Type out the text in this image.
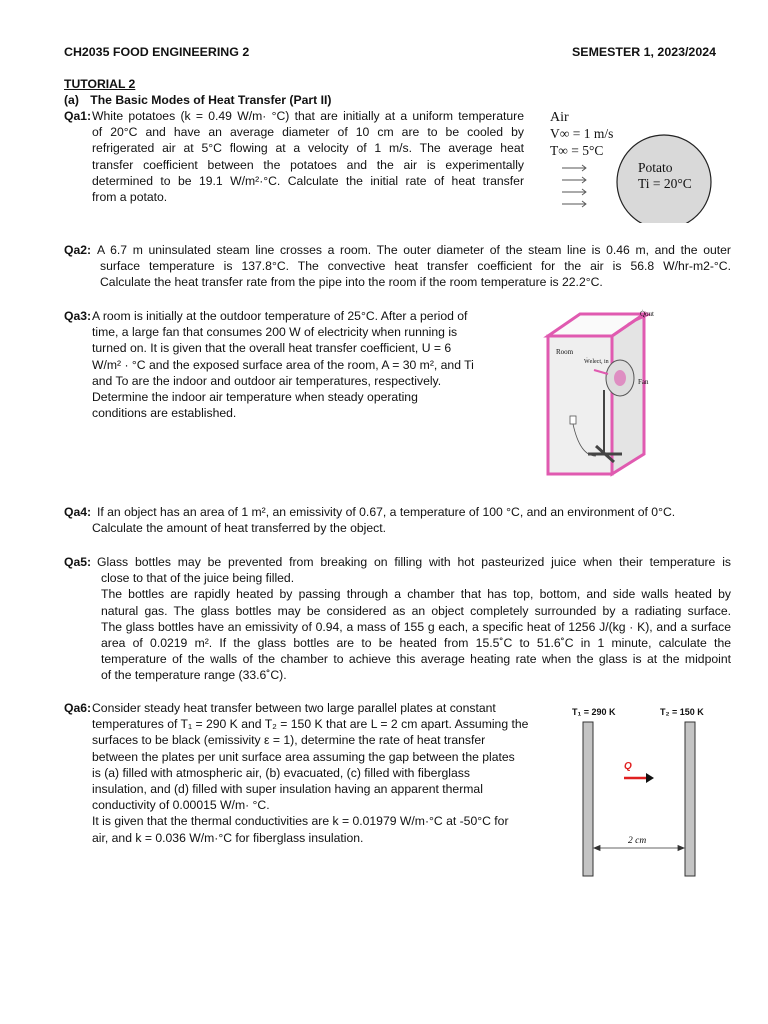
CH2035 FOOD ENGINEERING 2	SEMESTER 1, 2023/2024
TUTORIAL 2
(a) The Basic Modes of Heat Transfer (Part II)
Qa1: White potatoes (k = 0.49 W/m· °C) that are initially at a uniform temperature
of 20°C and have an average diameter of 10 cm are to be cooled by
refrigerated air at 5°C flowing at a velocity of 1 m/s. The average heat
transfer coefficient between the potatoes and the air is experimentally
determined to be 19.1 W/m²·°C. Calculate the initial rate of heat transfer
from a potato.
Air
V∞ = 1 m/s
T∞ = 5°C
Potato
Ti = 20°C
Qa2: A 6.7 m uninsulated steam line crosses a room. The outer diameter of the steam line is 0.46 m, and the outer
surface temperature is 137.8°C. The convective heat transfer coefficient for the air is 56.8 W/hr-m2-°C.
Calculate the heat transfer rate from the pipe into the room if the room temperature is 22.2°C.
Qa3: A room is initially at the outdoor temperature of 25°C. After a period of
time, a large fan that consumes 200 W of electricity when running is
turned on. It is given that the overall heat transfer coefficient, U = 6
W/m² · °C and the exposed surface area of the room, A = 30 m², and Ti
and To are the indoor and outdoor air temperatures, respectively.
Determine the indoor air temperature when steady operating
conditions are established.
Room
Fan
Q̇out
Ẇelect, in
Qa4: If an object has an area of 1 m², an emissivity of 0.67, a temperature of 100 °C, and an environment of 0°C.
Calculate the amount of heat transferred by the object.
Qa5: Glass bottles may be prevented from breaking on filling with hot pasteurized juice when their temperature is
close to that of the juice being filled.
The bottles are rapidly heated by passing through a chamber that has top, bottom, and side walls heated by
natural gas. The glass bottles may be considered as an object completely surrounded by a radiating surface.
The glass bottles have an emissivity of 0.94, a mass of 155 g each, a specific heat of 1256 J/(kg · K), and a surface
area of 0.0219 m². If the glass bottles are to be heated from 15.5˚C to 51.6˚C in 1 minute, calculate the
temperature of the walls of the chamber to achieve this average heating rate when the glass is at the midpoint
of the temperature range (33.6˚C).
Qa6: Consider steady heat transfer between two large parallel plates at constant
temperatures of T₁ = 290 K and T₂ = 150 K that are L = 2 cm apart. Assuming the
surfaces to be black (emissivity ε = 1), determine the rate of heat transfer
between the plates per unit surface area assuming the gap between the plates
is (a) filled with atmospheric air, (b) evacuated, (c) filled with fiberglass
insulation, and (d) filled with super insulation having an apparent thermal
conductivity of 0.00015 W/m· °C.
It is given that the thermal conductivities are k = 0.01979 W/m·°C at -50°C for
air, and k = 0.036 W/m·°C for fiberglass insulation.
T₁ = 290 K	T₂ = 150 K
Q
2 cm
